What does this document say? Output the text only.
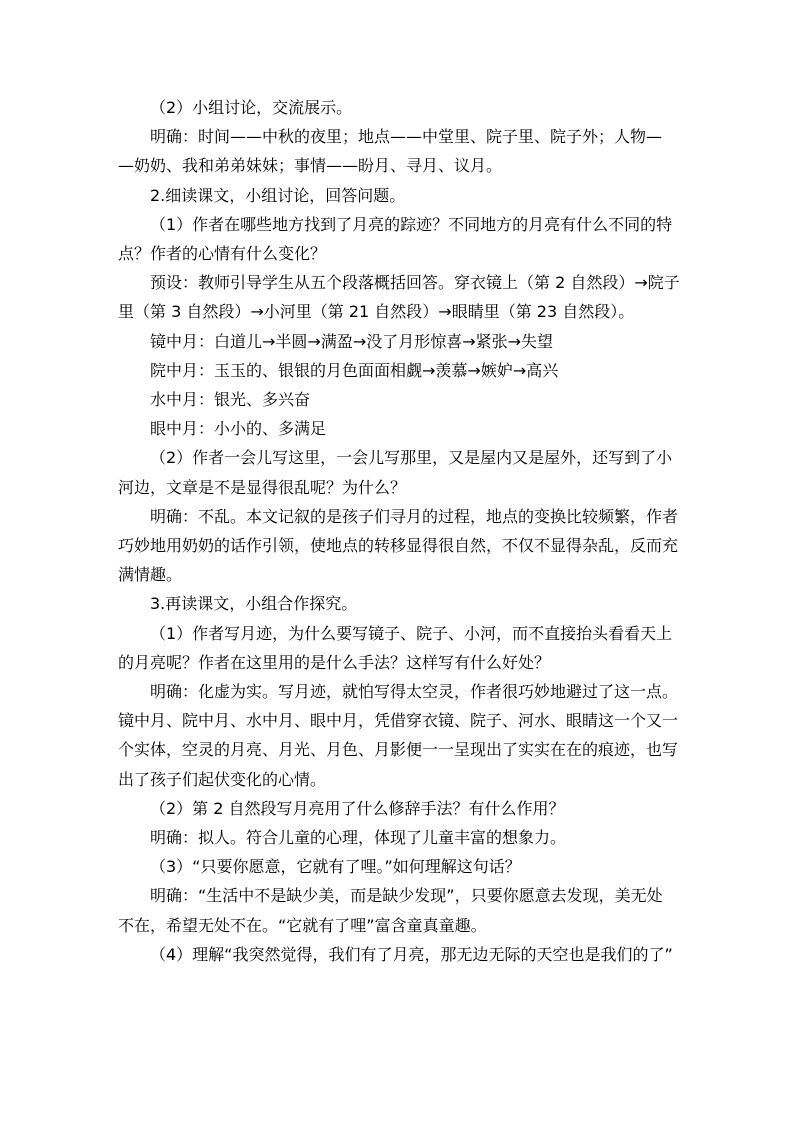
（2）小组讨论，交流展示。

明确：时间——中秋的夜里；地点——中堂里、院子里、院子外；人物—

—奶奶、我和弟弟妹妹；事情——盼月、寻月、议月。

2.细读课文，小组讨论，回答问题。

（1）作者在哪些地方找到了月亮的踪迹？不同地方的月亮有什么不同的特

点？作者的心情有什么变化？

预设：教师引导学生从五个段落概括回答。穿衣镜上（第 2 自然段）→院子

里（第 3 自然段）→小河里（第 21 自然段）→眼睛里（第 23 自然段）。

镜中月：白道儿→半圆→满盈→没了月形惊喜→紧张→失望

院中月：玉玉的、银银的月色面面相觑→羡慕→嫉妒→高兴

水中月：银光、多兴奋

眼中月：小小的、多满足

（2）作者一会儿写这里，一会儿写那里，又是屋内又是屋外，还写到了小

河边，文章是不是显得很乱呢？为什么？

明确：不乱。本文记叙的是孩子们寻月的过程，地点的变换比较频繁，作者

巧妙地用奶奶的话作引领，使地点的转移显得很自然，不仅不显得杂乱，反而充

满情趣。

3.再读课文，小组合作探究。

（1）作者写月迹，为什么要写镜子、院子、小河，而不直接抬头看看天上

的月亮呢？作者在这里用的是什么手法？这样写有什么好处？

明确：化虚为实。写月迹，就怕写得太空灵，作者很巧妙地避过了这一点。

镜中月、院中月、水中月、眼中月，凭借穿衣镜、院子、河水、眼睛这一个又一

个实体，空灵的月亮、月光、月色、月影便一一呈现出了实实在在的痕迹，也写

出了孩子们起伏变化的心情。

（2）第 2 自然段写月亮用了什么修辞手法？有什么作用？

明确：拟人。符合儿童的心理，体现了儿童丰富的想象力。

（3）“只要你愿意，它就有了哩。”如何理解这句话？

明确：“生活中不是缺少美，而是缺少发现”，只要你愿意去发现，美无处

不在，希望无处不在。“它就有了哩”富含童真童趣。

（4）理解“我突然觉得，我们有了月亮，那无边无际的天空也是我们的了”
